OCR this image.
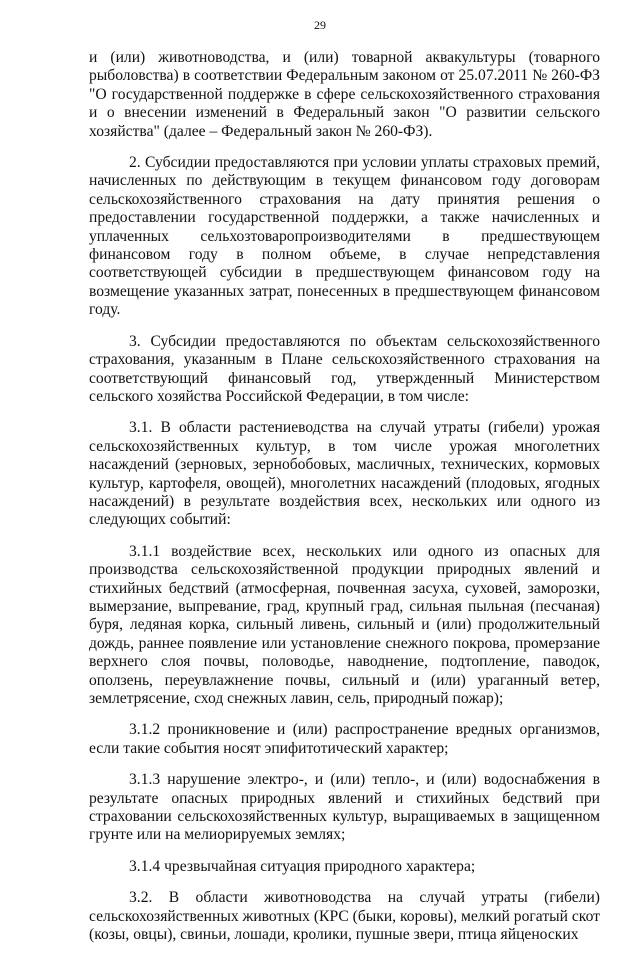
29

и (или) животноводства, и (или) товарной аквакультуры (товарного рыболовства) в соответствии Федеральным законом от 25.07.2011 № 260-ФЗ "О государственной поддержке в сфере сельскохозяйственного страхования и о внесении изменений в Федеральный закон "О развитии сельского хозяйства" (далее – Федеральный закон № 260-ФЗ).

2. Субсидии предоставляются при условии уплаты страховых премий, начисленных по действующим в текущем финансовом году договорам сельскохозяйственного страхования на дату принятия решения о предоставлении государственной поддержки, а также начисленных и уплаченных сельхозтоваропроизводителями в предшествующем финансовом году в полном объеме, в случае непредставления соответствующей субсидии в предшествующем финансовом году на возмещение указанных затрат, понесенных в предшествующем финансовом году.

3. Субсидии предоставляются по объектам сельскохозяйственного страхования, указанным в Плане сельскохозяйственного страхования на соответствующий финансовый год, утвержденный Министерством сельского хозяйства Российской Федерации, в том числе:

3.1. В области растениеводства на случай утраты (гибели) урожая сельскохозяйственных культур, в том числе урожая многолетних насаждений (зерновых, зернобобовых, масличных, технических, кормовых культур, картофеля, овощей), многолетних насаждений (плодовых, ягодных насаждений) в результате воздействия всех, нескольких или одного из следующих событий:

3.1.1 воздействие всех, нескольких или одного из опасных для производства сельскохозяйственной продукции природных явлений и стихийных бедствий (атмосферная, почвенная засуха, суховей, заморозки, вымерзание, выпревание, град, крупный град, сильная пыльная (песчаная) буря, ледяная корка, сильный ливень, сильный и (или) продолжительный дождь, раннее появление или установление снежного покрова, промерзание верхнего слоя почвы, половодье, наводнение, подтопление, паводок, оползень, переувлажнение почвы, сильный и (или) ураганный ветер, землетрясение, сход снежных лавин, сель, природный пожар);

3.1.2 проникновение и (или) распространение вредных организмов, если такие события носят эпифитотический характер;

3.1.3 нарушение электро-, и (или) тепло-, и (или) водоснабжения в результате опасных природных явлений и стихийных бедствий при страховании сельскохозяйственных культур, выращиваемых в защищенном грунте или на мелиорируемых землях;

3.1.4 чрезвычайная ситуация природного характера;

3.2. В области животноводства на случай утраты (гибели) сельскохозяйственных животных (КРС (быки, коровы), мелкий рогатый скот (козы, овцы), свиньи, лошади, кролики, пушные звери, птица яйценоских
